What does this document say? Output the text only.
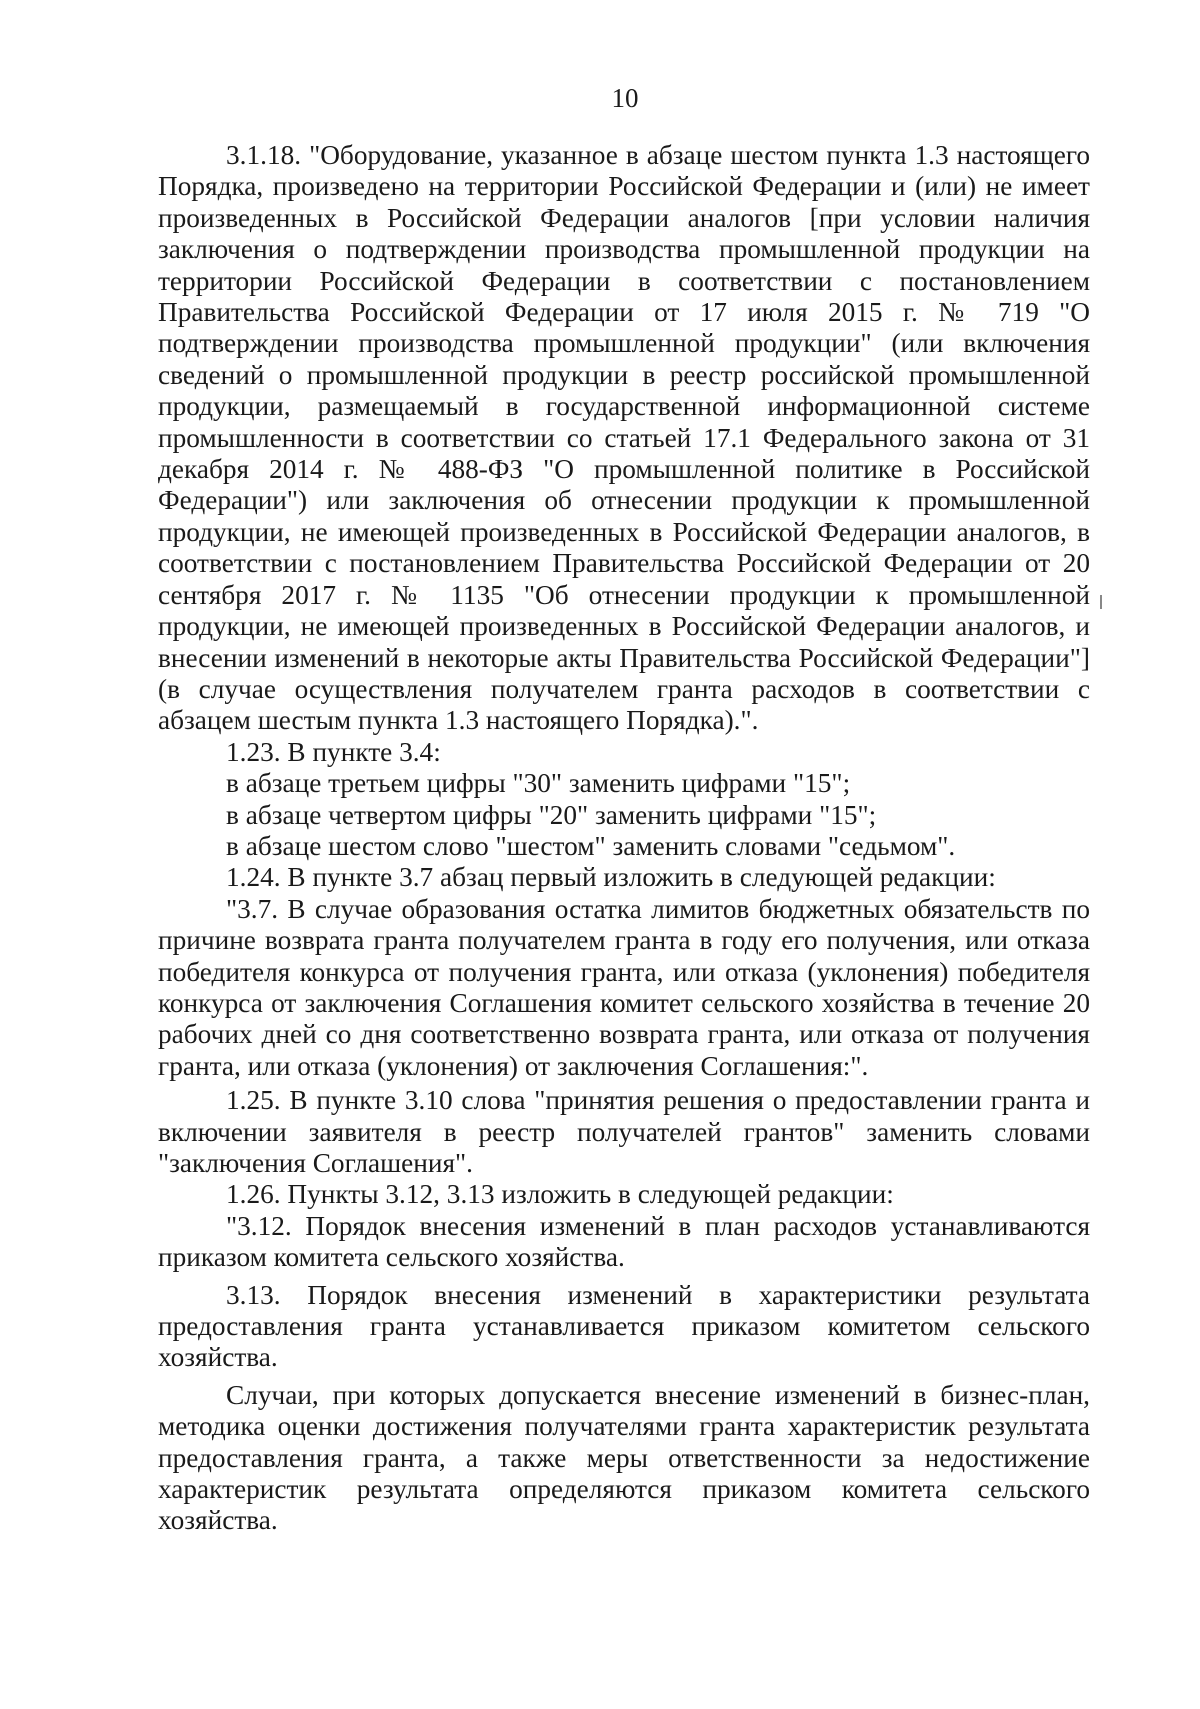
10

3.1.18. "Оборудование, указанное в абзаце шестом пункта 1.3 настоящего Порядка, произведено на территории Российской Федерации и (или) не имеет произведенных в Российской Федерации аналогов [при условии наличия заключения о подтверждении производства промышленной продукции на территории Российской Федерации в соответствии с постановлением Правительства Российской Федерации от 17 июля 2015 г. № 719 "О подтверждении производства промышленной продукции" (или включения сведений о промышленной продукции в реестр российской промышленной продукции, размещаемый в государственной информационной системе промышленности в соответствии со статьей 17.1 Федерального закона от 31 декабря 2014 г. № 488-ФЗ "О промышленной политике в Российской Федерации") или заключения об отнесении продукции к промышленной продукции, не имеющей произведенных в Российской Федерации аналогов, в соответствии с постановлением Правительства Российской Федерации от 20 сентября 2017 г. № 1135 "Об отнесении продукции к промышленной продукции, не имеющей произведенных в Российской Федерации аналогов, и внесении изменений в некоторые акты Правительства Российской Федерации"] (в случае осуществления получателем гранта расходов в соответствии с абзацем шестым пункта 1.3 настоящего Порядка).".

1.23. В пункте 3.4:

в абзаце третьем цифры "30" заменить цифрами "15";

в абзаце четвертом цифры "20" заменить цифрами "15";

в абзаце шестом слово "шестом" заменить словами "седьмом".

1.24. В пункте 3.7 абзац первый изложить в следующей редакции:

"3.7. В случае образования остатка лимитов бюджетных обязательств по причине возврата гранта получателем гранта в году его получения, или отказа победителя конкурса от получения гранта, или отказа (уклонения) победителя конкурса от заключения Соглашения комитет сельского хозяйства в течение 20 рабочих дней со дня соответственно возврата гранта, или отказа от получения гранта, или отказа (уклонения) от заключения Соглашения:".

1.25. В пункте 3.10 слова "принятия решения о предоставлении гранта и включении заявителя в реестр получателей грантов" заменить словами "заключения Соглашения".

1.26. Пункты 3.12, 3.13 изложить в следующей редакции:

"3.12. Порядок внесения изменений в план расходов устанавливаются приказом комитета сельского хозяйства.

3.13. Порядок внесения изменений в характеристики результата предоставления гранта устанавливается приказом комитетом сельского хозяйства.

Случаи, при которых допускается внесение изменений в бизнес-план, методика оценки достижения получателями гранта характеристик результата предоставления гранта, а также меры ответственности за недостижение характеристик результата определяются приказом комитета сельского хозяйства.
